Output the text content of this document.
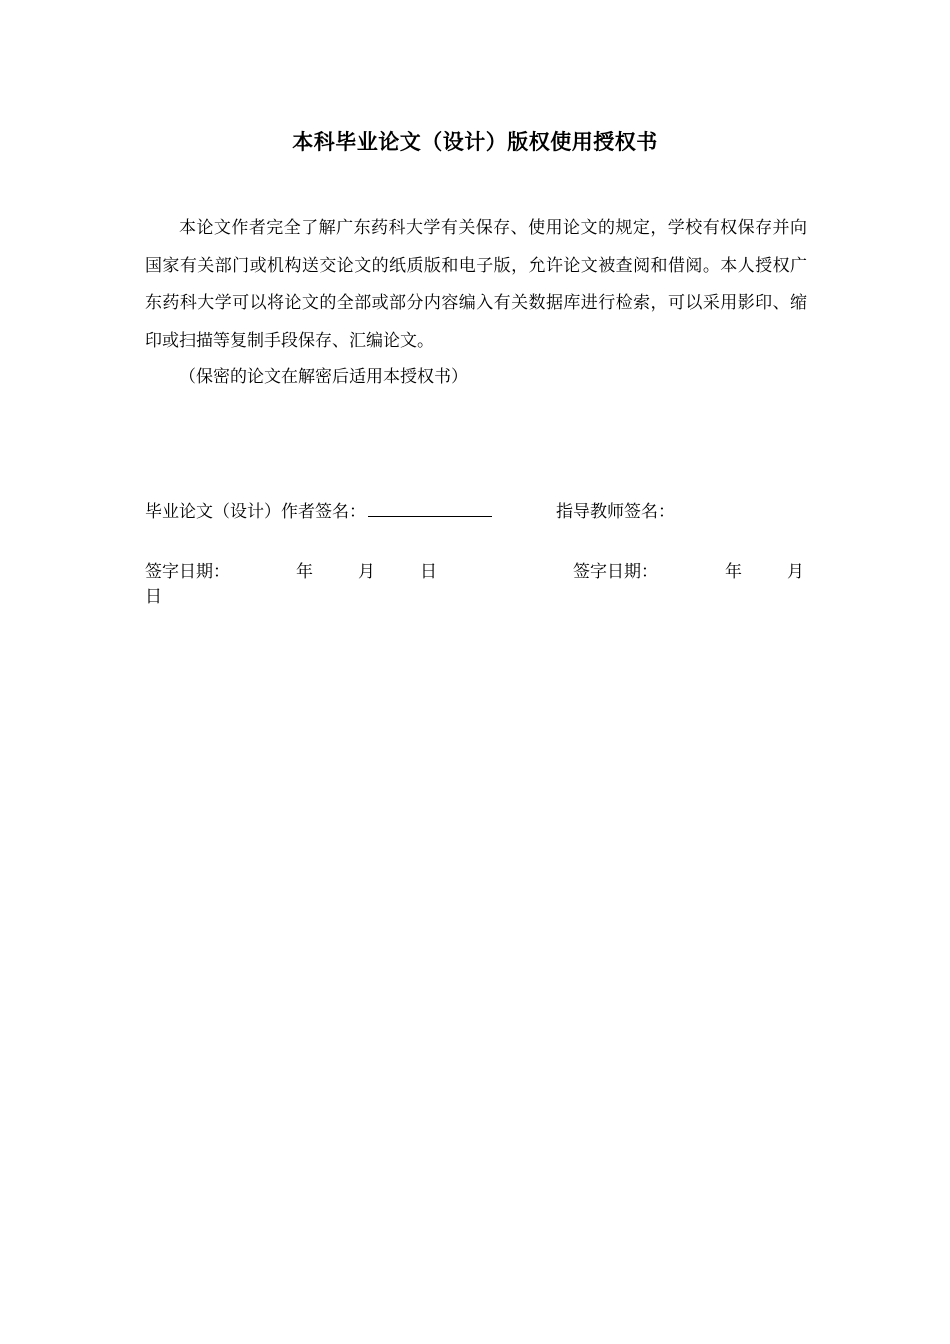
本科毕业论文（设计）版权使用授权书

本论文作者完全了解广东药科大学有关保存、使用论文的规定，学校有权保存并向国家有关部门或机构送交论文的纸质版和电子版，允许论文被查阅和借阅。本人授权广东药科大学可以将论文的全部或部分内容编入有关数据库进行检索，可以采用影印、缩印或扫描等复制手段保存、汇编论文。

（保密的论文在解密后适用本授权书）
毕业论文（设计）作者签名：	指导教师签名：
签字日期：	年	月	日	签字日期：	年	月
日
